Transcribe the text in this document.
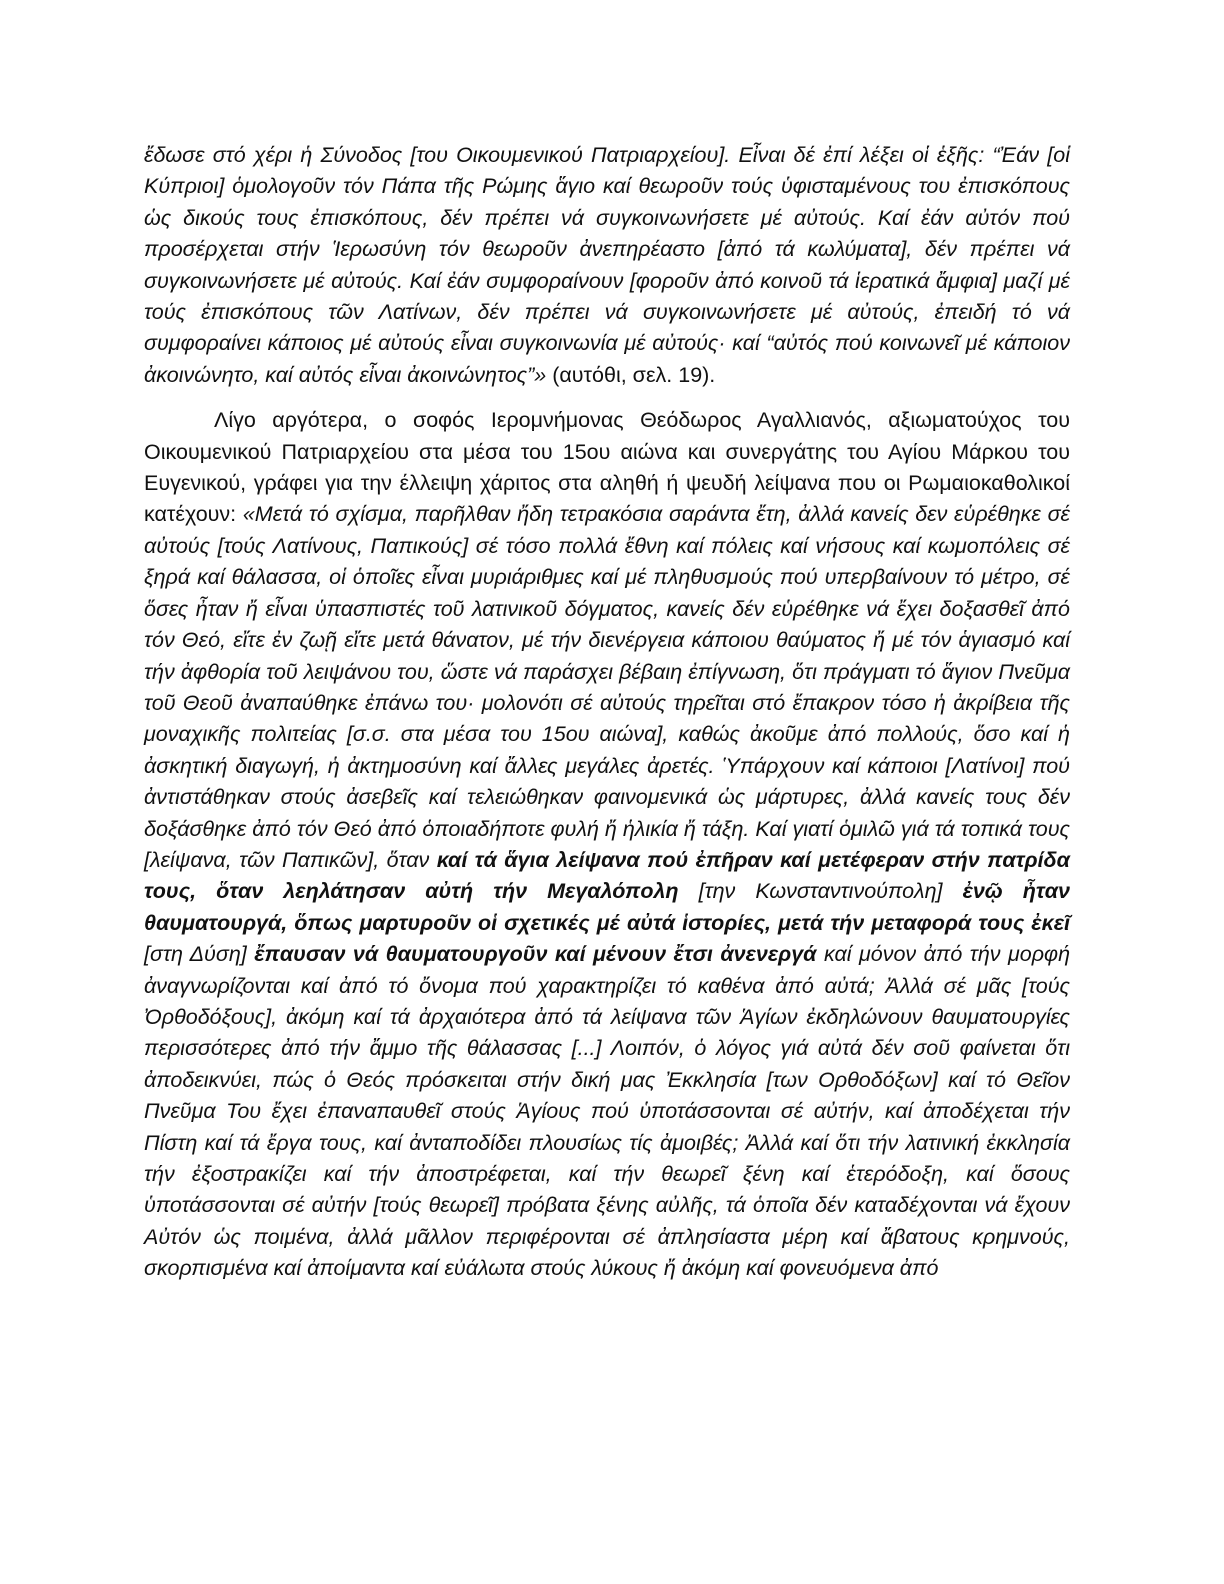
ἔδωσε στό χέρι ἡ Σύνοδος [του Οικουμενικού Πατριαρχείου]. Εἶναι δέ ἐπί λέξει οἱ ἑξῆς: “Ἐάν [οἱ Κύπριοι] ὁμολογοῦν τόν Πάπα τῆς Ρώμης ἅγιο καί θεωροῦν τούς ὑφισταμένους του ἐπισκόπους ὡς δικούς τους ἐπισκόπους, δέν πρέπει νά συγκοινωνήσετε μέ αὐτούς. Καί ἐάν αὐτόν πού προσέρχεται στήν Ἱερωσύνη τόν θεωροῦν ἀνεπηρέαστο [ἀπό τά κωλύματα], δέν πρέπει νά συγκοινωνήσετε μέ αὐτούς. Καί ἐάν συμφοραίνουν [φοροῦν ἀπό κοινοῦ τά ἱερατικά ἄμφια] μαζί μέ τούς ἐπισκόπους τῶν Λατίνων, δέν πρέπει νά συγκοινωνήσετε μέ αὐτούς, ἐπειδή τό νά συμφοραίνει κάποιος μέ αὐτούς εἶναι συγκοινωνία μέ αὐτούς· καί “αὐτός πού κοινωνεῖ μέ κάποιον ἀκοινώνητο, καί αὐτός εἶναι ἀκοινώνητος”» (αυτόθι, σελ. 19).

Λίγο αργότερα, ο σοφός Ιερομνήμονας Θεόδωρος Αγαλλιανός, αξιωματούχος του Οικουμενικού Πατριαρχείου στα μέσα του 15ου αιώνα και συνεργάτης του Αγίου Μάρκου του Ευγενικού, γράφει για την έλλειψη χάριτος στα αληθή ή ψευδή λείψανα που οι Ρωμαιοκαθολικοί κατέχουν: «Μετά τό σχίσμα, παρῆλθαν ἤδη τετρακόσια σαράντα ἔτη, ἀλλά κανείς δεν εὑρέθηκε σέ αὐτούς [τούς Λατίνους, Παπικούς] σέ τόσο πολλά ἔθνη καί πόλεις καί νήσους καί κωμοπόλεις σέ ξηρά καί θάλασσα, οἱ ὁποῖες εἶναι μυριάριθμες καί μέ πληθυσμούς πού υπερβαίνουν τό μέτρο, σέ ὅσες ἦταν ἤ εἶναι ὑπασπιστές τοῦ λατινικοῦ δόγματος, κανείς δέν εὑρέθηκε νά ἔχει δοξασθεῖ ἀπό τόν Θεό, εἴτε ἐν ζωῇ εἴτε μετά θάνατον, μέ τήν διενέργεια κάποιου θαύματος ἤ μέ τόν ἁγιασμό καί τήν ἀφθορία τοῦ λειψάνου του, ὥστε νά παράσχει βέβαιη ἐπίγνωση, ὅτι πράγματι τό ἅγιον Πνεῦμα τοῦ Θεοῦ ἀναπαύθηκε ἐπάνω του· μολονότι σέ αὐτούς τηρεῖται στό ἔπακρον τόσο ἡ ἀκρίβεια τῆς μοναχικῆς πολιτείας [σ.σ. στα μέσα του 15ου αιώνα], καθώς ἀκοῦμε ἀπό πολλούς, ὅσο καί ἡ ἀσκητική διαγωγή, ἡ ἀκτημοσύνη καί ἄλλες μεγάλες ἀρετές. Ὑπάρχουν καί κάποιοι [Λατίνοι] πού ἀντιστάθηκαν στούς ἀσεβεῖς καί τελειώθηκαν φαινομενικά ὡς μάρτυρες, ἀλλά κανείς τους δέν δοξάσθηκε ἀπό τόν Θεό ἀπό ὁποιαδήποτε φυλή ἤ ἡλικία ἤ τάξη. Καί γιατί ὁμιλῶ γιά τά τοπικά τους [λείψανα, τῶν Παπικῶν], ὅταν καί τά ἅγια λείψανα πού ἐπῆραν καί μετέφεραν στήν πατρίδα τους, ὅταν λεηλάτησαν αὐτή τήν Μεγαλόπολη [την Κωνσταντινούπολη] ἐνῷ ἦταν θαυματουργά, ὅπως μαρτυροῦν οἱ σχετικές μέ αὐτά ἱστορίες, μετά τήν μεταφορά τους ἐκεῖ [στη Δύση] ἔπαυσαν νά θαυματουργοῦν καί μένουν ἔτσι ἀνενεργά καί μόνον ἀπό τήν μορφή ἀναγνωρίζονται καί ἀπό τό ὄνομα πού χαρακτηρίζει τό καθένα ἀπό αὐτά; Ἀλλά σέ μᾶς [τούς Ὀρθοδόξους], ἀκόμη καί τά ἀρχαιότερα ἀπό τά λείψανα τῶν Ἁγίων ἐκδηλώνουν θαυματουργίες περισσότερες ἀπό τήν ἄμμο τῆς θάλασσας [...] Λοιπόν, ὁ λόγος γιά αὐτά δέν σοῦ φαίνεται ὅτι ἀποδεικνύει, πώς ὁ Θεός πρόσκειται στήν δική μας Ἐκκλησία [των Ορθοδόξων] καί τό Θεῖον Πνεῦμα Του ἔχει ἐπαναπαυθεῖ στούς Ἁγίους πού ὑποτάσσονται σέ αὐτήν, καί ἀποδέχεται τήν Πίστη καί τά ἔργα τους, καί ἀνταποδίδει πλουσίως τίς ἀμοιβές; Ἀλλά καί ὅτι τήν λατινική ἐκκλησία τήν ἐξοστρακίζει καί τήν ἀποστρέφεται, καί τήν θεωρεῖ ξένη καί ἑτερόδοξη, καί ὅσους ὑποτάσσονται σέ αὐτήν [τούς θεωρεῖ] πρόβατα ξένης αὐλῆς, τά ὁποῖα δέν καταδέχονται νά ἔχουν Αὐτόν ὡς ποιμένα, ἀλλά μᾶλλον περιφέρονται σέ ἀπλησίαστα μέρη καί ἄβατους κρημνούς, σκορπισμένα καί ἀποίμαντα καί εὐάλωτα στούς λύκους ἤ ἀκόμη καί φονευόμενα ἀπό
